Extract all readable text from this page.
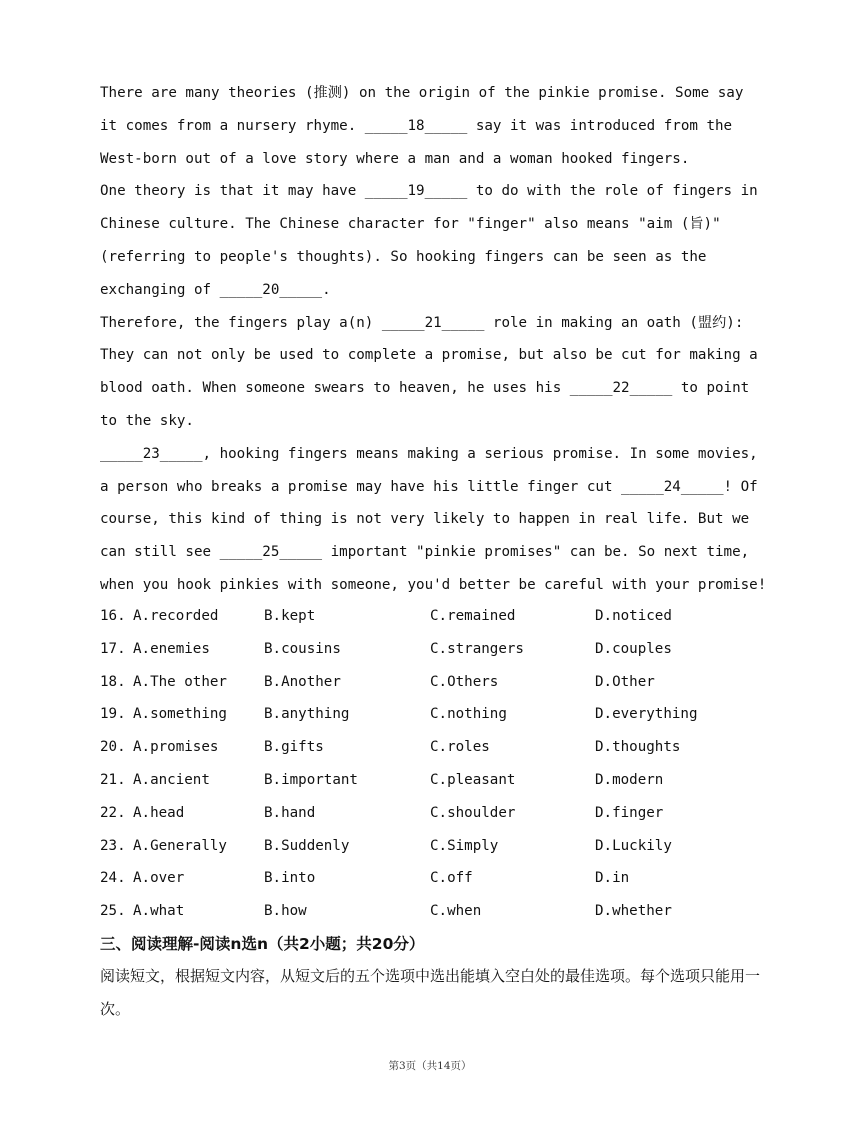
There are many theories (推测) on the origin of the pinkie promise. Some say
it comes from a nursery rhyme. _____18_____ say it was introduced from the
West-born out of a love story where a man and a woman hooked fingers.
One theory is that it may have _____19_____ to do with the role of fingers in
Chinese culture. The Chinese character for "finger" also means "aim (旨)"
(referring to people's thoughts). So hooking fingers can be seen as the
exchanging of _____20_____.
Therefore, the fingers play a(n) _____21_____ role in making an oath (盟约):
They can not only be used to complete a promise, but also be cut for making a
blood oath. When someone swears to heaven, he uses his _____22_____ to point
to the sky.
_____23_____, hooking fingers means making a serious promise. In some movies,
a person who breaks a promise may have his little finger cut _____24_____! Of
course, this kind of thing is not very likely to happen in real life. But we
can still see _____25_____ important "pinkie promises" can be. So next time,
when you hook pinkies with someone, you'd better be careful with your promise!

16.

A.recorded

	B.kept

	C.remained

	D.noticed

17.

A.enemies

	B.cousins

	C.strangers

	D.couples

18.

A.The other

	B.Another

	C.Others

	D.Other

19.

A.something

	B.anything

	C.nothing

	D.everything

20.

A.promises

	B.gifts

	C.roles

	D.thoughts

21.

A.ancient

	B.important

	C.pleasant

	D.modern

22.

A.head

	B.hand

	C.shoulder

	D.finger

23.

A.Generally

	B.Suddenly

	C.Simply

	D.Luckily

24.

A.over

	B.into

	C.off

	D.in

25.

A.what

	B.how

	C.when

	D.whether

三、阅读理解-阅读n选n（共2小题；共20分）
阅读短文，根据短文内容，从短文后的五个选项中选出能填入空白处的最佳选项。每个选项只能用一次。
第3页（共14页）
